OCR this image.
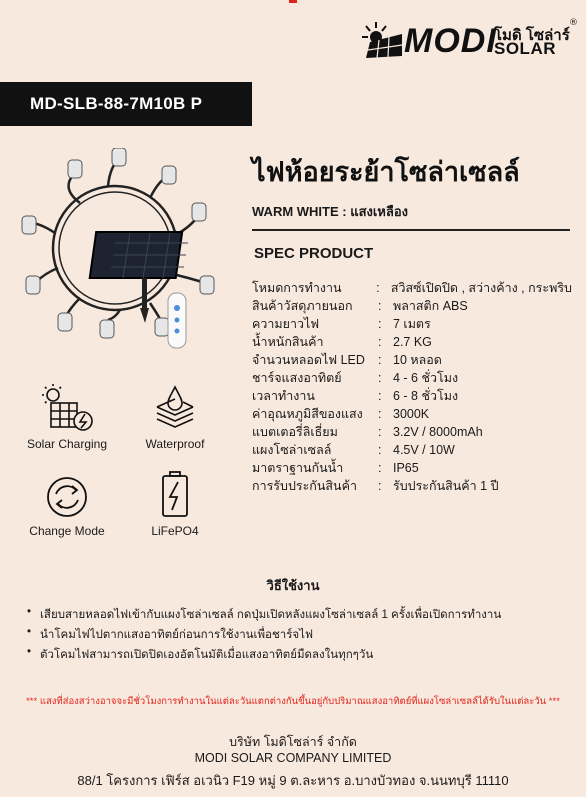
MODI
โมดิ โซล่าร์
SOLAR
®
MD-SLB-88-7M10B P
ไฟห้อยระย้าโซล่าเซลล์
WARM WHITE : แสงเหลือง
SPEC PRODUCT
โหมดการทำงาน	: สวิสซ์เปิดปิด , สว่างค้าง , กระพริบ
สินค้าวัสดุภายนอก	: พลาสติก ABS
ความยาวไฟ	: 7 เมตร
น้ำหนักสินค้า	: 2.7 KG
จำนวนหลอดไฟ LED	: 10 หลอด
ชาร์จแสงอาทิตย์	: 4 - 6 ชั่วโมง
เวลาทำงาน	: 6 - 8 ชั่วโมง
ค่าอุณหภูมิสีของแสง	: 3000K
แบตเตอรี่ลิเธี่ยม	: 3.2V / 8000mAh
แผงโซล่าเซลล์	: 4.5V / 10W
มาตราฐานกันน้ำ	: IP65
การรับประกันสินค้า	: รับประกันสินค้า 1 ปี
Solar Charging	Waterproof
Change Mode	LiFePO4
วิธีใช้งาน
• เสียบสายหลอดไฟเข้ากับแผงโซล่าเซลล์ กดปุ่มเปิดหลังแผงโซล่าเซลล์ 1 ครั้งเพื่อเปิดการทำงาน
• นำโคมไฟไปตากแสงอาทิตย์ก่อนการใช้งานเพื่อชาร์จไฟ
• ตัวโคมไฟสามารถเปิดปิดเองอัตโนมัติเมื่อแสงอาทิตย์มืดลงในทุกๆวัน
*** แสงที่ส่องสว่างอาจจะมีชั่วโมงการทำงานในแต่ละวันแตกต่างกันขึ้นอยู่กับปริมาณแสงอาทิตย์ที่แผงโซล่าเซลล์ได้รับในแต่ละวัน ***
บริษัท โมดิโซล่าร์ จำกัด
MODI SOLAR COMPANY LIMITED
88/1 โครงการ เฟิร์ส อเวนิว F19 หมู่ 9 ต.ละหาร อ.บางบัวทอง จ.นนทบุรี 11110
